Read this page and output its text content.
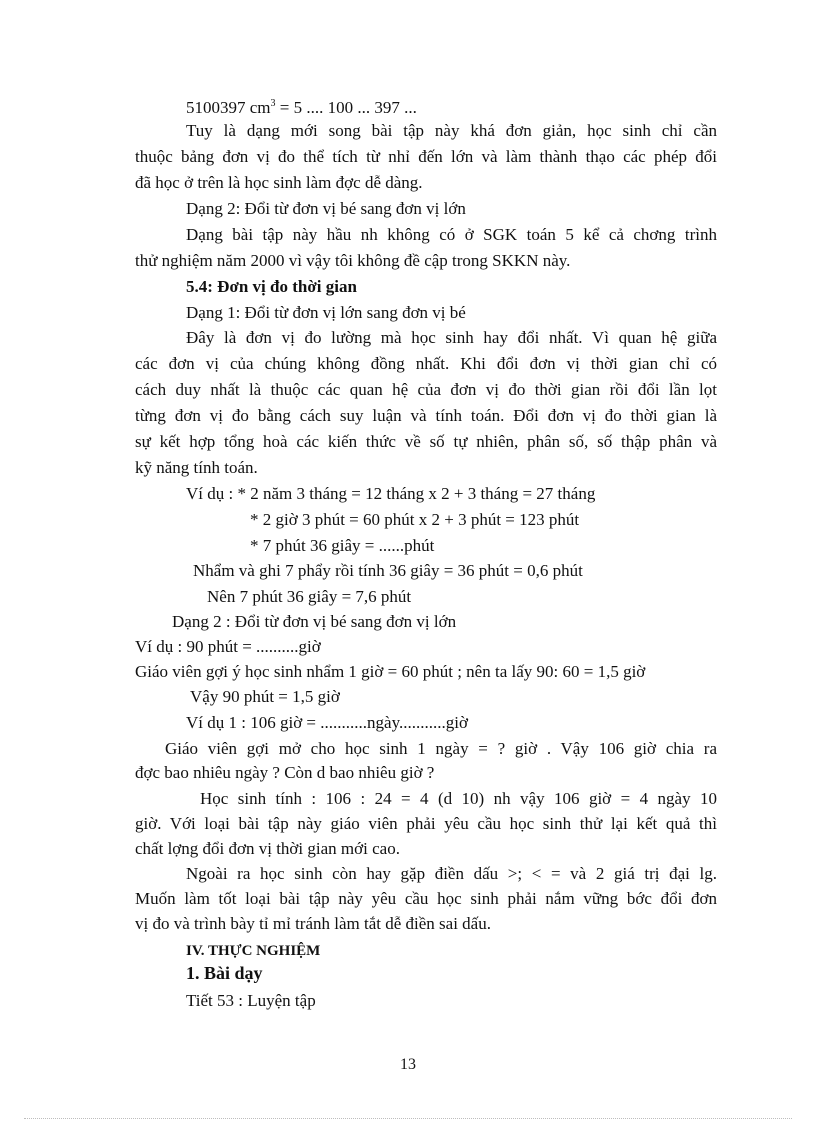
5100397 $cm^3 = 5$ .... 100 ... 397 ...
Tuy là dạng mới song bài tập này khá đơn giản, học sinh chỉ cần
thuộc bảng đơn vị đo thể tích từ nhỉ đến lớn và làm thành thạo các phép đổi
đã học ở trên là học sinh làm đợc dễ dàng.
Dạng 2: Đổi từ đơn vị bé sang đơn vị lớn
Dạng bài tập này hầu nh không có ở SGK toán 5 kể cả chơng trình
thử nghiệm năm 2000 vì vậy tôi không đề cập trong SKKN này.
5.4: Đơn vị đo thời gian
Dạng 1: Đổi từ đơn vị lớn sang đơn vị bé
Đây là đơn vị đo lường mà học sinh hay đổi nhất. Vì quan hệ giữa
các đơn vị của chúng không đồng nhất. Khi đổi đơn vị thời gian chỉ có
cách duy nhất là thuộc các quan hệ của đơn vị đo thời gian rồi đổi lần lọt
từng đơn vị đo bằng cách suy luận và tính toán. Đổi đơn vị đo thời gian là
sự kết hợp tổng hoà các kiến thức về số tự nhiên, phân số, số thập phân và
kỹ năng tính toán.
Ví dụ : * 2 năm 3 tháng = 12 tháng x 2 + 3 tháng = 27 tháng
* 2 giờ 3 phút = 60 phút x 2 + 3 phút = 123 phút
* 7 phút 36 giây = ......phút
Nhẩm và ghi 7 phẩy rồi tính 36 giây = 36 phút = 0,6 phút
Nên 7 phút 36 giây = 7,6 phút
Dạng 2 : Đổi từ đơn vị bé sang đơn vị lớn
Ví dụ : 90 phút = ..........giờ
Giáo viên gợi ý học sinh nhẩm 1 giờ = 60 phút ; nên ta lấy 90: 60 = 1,5 giờ
Vậy 90 phút = 1,5 giờ
Ví dụ 1 : 106 giờ = ...........ngày...........giờ
Giáo viên gợi mở cho học sinh 1 ngày = ? giờ . Vậy 106 giờ chia ra
đợc bao nhiêu ngày ? Còn d bao nhiêu giờ ?
Học sinh tính : 106 : 24 = 4 (d 10) nh vậy 106 giờ = 4 ngày 10
giờ. Với loại bài tập này giáo viên phải yêu cầu học sinh thử lại kết quả thì
chất lợng đổi đơn vị thời gian mới cao.
Ngoài ra học sinh còn hay gặp điền dấu >; < = và 2 giá trị đại lg.
Muốn làm tốt loại bài tập này yêu cầu học sinh phải nắm vững bớc đổi đơn
vị đo và trình bày tỉ mỉ tránh làm tắt dễ điền sai dấu.
IV. THỰC NGHIỆM
1. Bài dạy
Tiết 53 : Luyện tập
13
